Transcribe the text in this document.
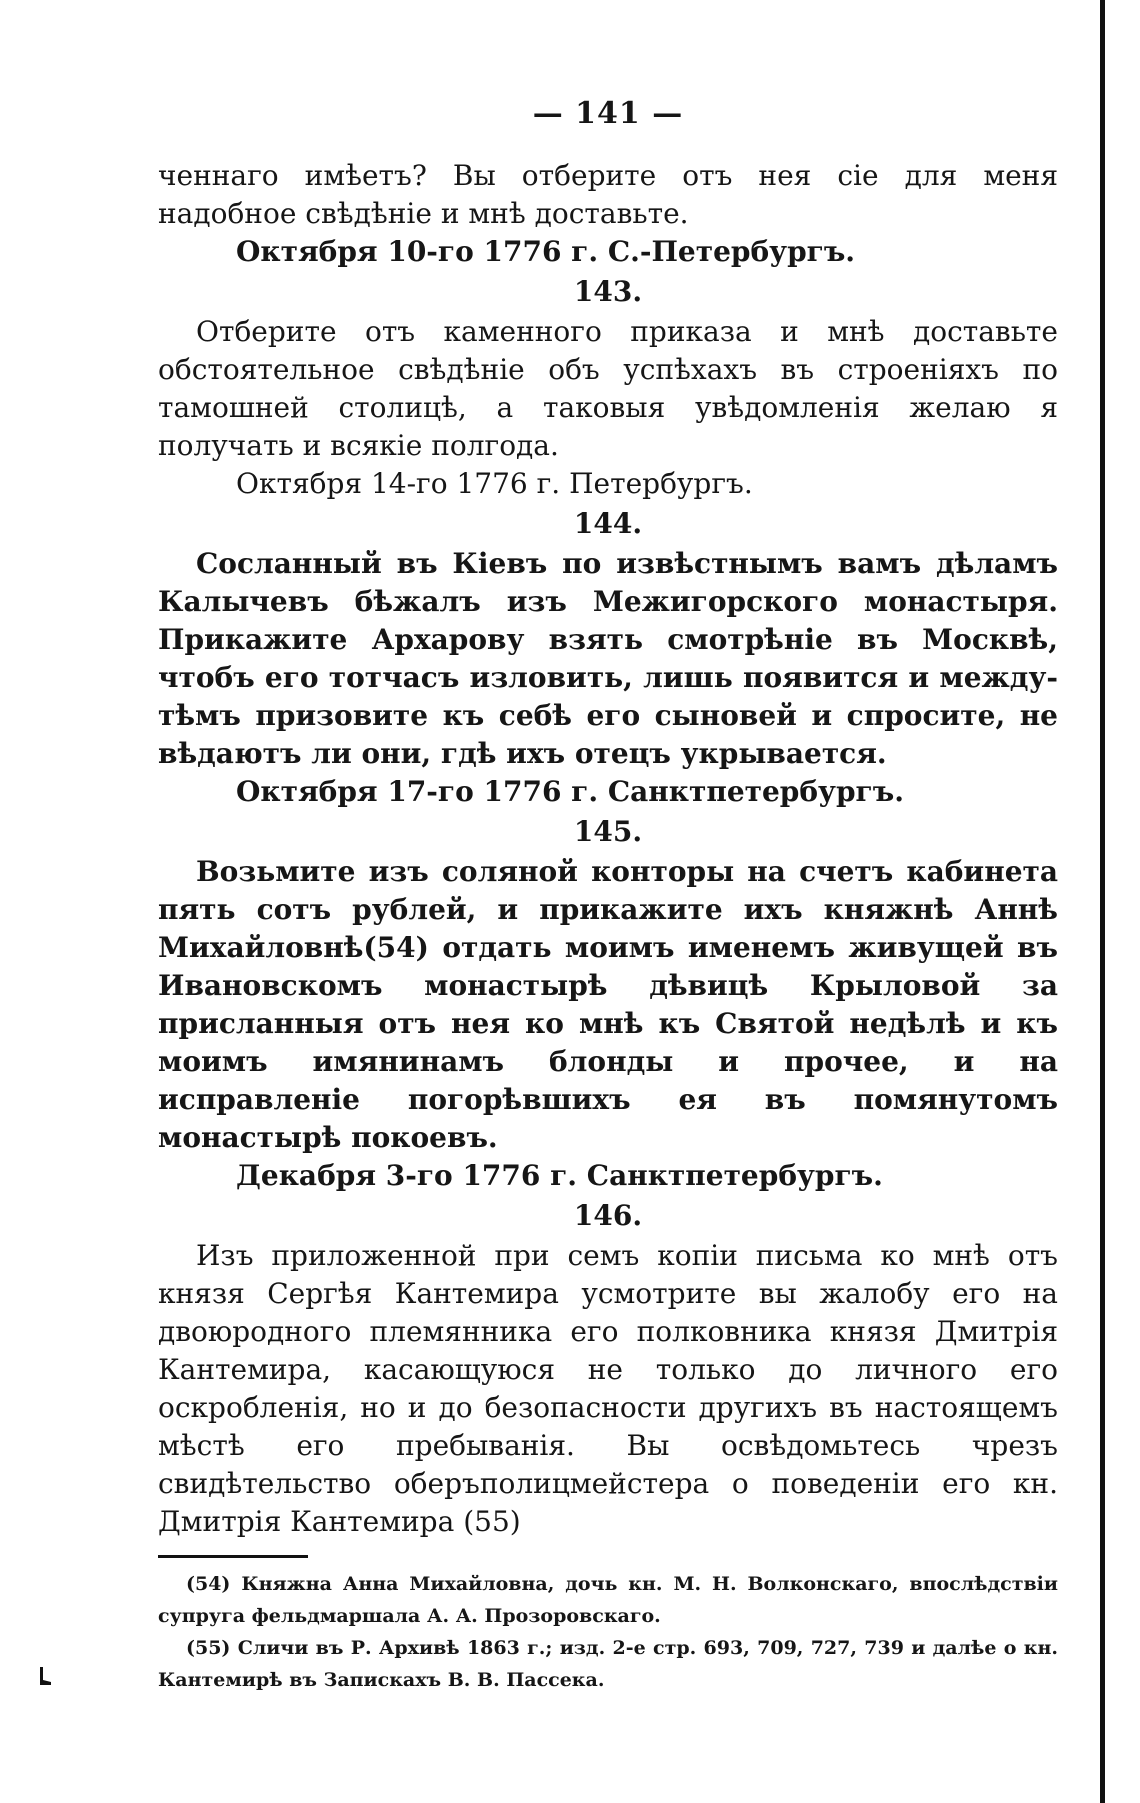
— 141 —

ченнаго имѣетъ? Вы отберите отъ нея сіе для меня надобное свѣдѣніе и мнѣ доставьте.

Октября 10-го 1776 г. С.-Петербургъ.

143.

Отберите отъ каменного приказа и мнѣ доставьте обстоятельное свѣдѣніе объ успѣхахъ въ строеніяхъ по тамошней столицѣ, а таковыя увѣдомленія желаю я получать и всякіе полгода.

Октября 14-го 1776 г. Петербургъ.

144.

Сосланный въ Кіевъ по извѣстнымъ вамъ дѣламъ Калычевъ бѣжалъ изъ Межигорского монастыря. Прикажите Архарову взять смотрѣніе въ Москвѣ, чтобъ его тотчасъ изловить, лишь появится и между-тѣмъ призовите къ себѣ его сыновей и спросите, не вѣдаютъ ли они, гдѣ ихъ отецъ укрывается.

Октября 17-го 1776 г. Санктпетербургъ.

145.

Возьмите изъ соляной конторы на счетъ кабинета пять сотъ рублей, и прикажите ихъ княжнѣ Аннѣ Михайловнѣ(54) отдать моимъ именемъ живущей въ Ивановскомъ монастырѣ дѣвицѣ Крыловой за присланныя отъ нея ко мнѣ къ Святой недѣлѣ и къ моимъ имянинамъ блонды и прочее, и на исправленіе погорѣвшихъ ея въ помянутомъ монастырѣ покоевъ.

Декабря 3-го 1776 г. Санктпетербургъ.

146.

Изъ приложенной при семъ копіи письма ко мнѣ отъ князя Сергѣя Кантемира усмотрите вы жалобу его на двоюродного племянника его полковника князя Дмитрія Кантемира, касающуюся не только до личного его оскробленія, но и до безопасности другихъ въ настоящемъ мѣстѣ его пребыванія. Вы освѣдомьтесь чрезъ свидѣтельство оберъполицмейстера о поведеніи его кн. Дмитрія Кантемира (55)

(54) Княжна Анна Михайловна, дочь кн. М. Н. Волконскаго, впослѣдствіи супруга фельдмаршала А. А. Прозоровскаго.

(55) Сличи въ Р. Архивѣ 1863 г.; изд. 2-е стр. 693, 709, 727, 739 и далѣе о кн. Кантемирѣ въ Запискахъ В. В. Пассека.
